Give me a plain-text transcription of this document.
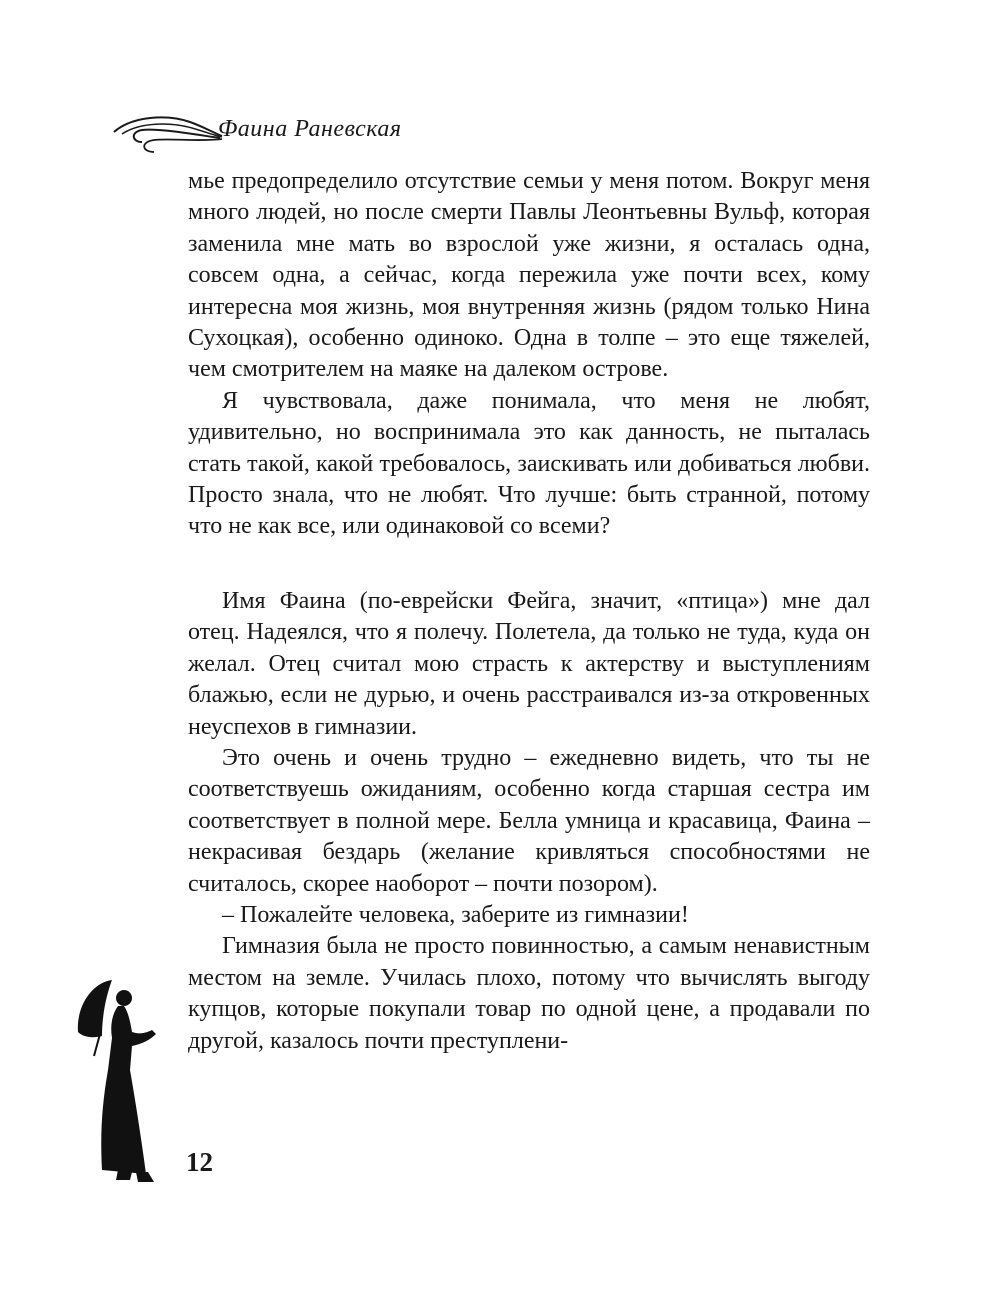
Фаина Раневская

мье предопределило отсутствие семьи у меня потом. Вокруг меня много людей, но после смерти Павлы Леонтьевны Вульф, которая заменила мне мать во взрослой уже жизни, я осталась одна, совсем одна, а сейчас, когда пережила уже почти всех, кому интересна моя жизнь, моя внутренняя жизнь (рядом только Нина Сухоцкая), особенно одиноко. Одна в толпе – это еще тяжелей, чем смотрителем на маяке на далеком острове.

Я чувствовала, даже понимала, что меня не любят, удивительно, но воспринимала это как данность, не пыталась стать такой, какой требовалось, заискивать или добиваться любви. Просто знала, что не любят. Что лучше: быть странной, потому что не как все, или одинаковой со всеми?

Имя Фаина (по-еврейски Фейга, значит, «птица») мне дал отец. Надеялся, что я полечу. Полетела, да только не туда, куда он желал. Отец считал мою страсть к актерству и выступлениям блажью, если не дурью, и очень расстраивался из-за откровенных неуспехов в гимназии.

Это очень и очень трудно – ежедневно видеть, что ты не соответствуешь ожиданиям, особенно когда старшая сестра им соответствует в полной мере. Белла умница и красавица, Фаина – некрасивая бездарь (желание кривляться способностями не считалось, скорее наоборот – почти позором).

– Пожалейте человека, заберите из гимназии!

Гимназия была не просто повинностью, а самым ненавистным местом на земле. Училась плохо, потому что вычислять выгоду купцов, которые покупали товар по одной цене, а продавали по другой, казалось почти преступлени-

12
